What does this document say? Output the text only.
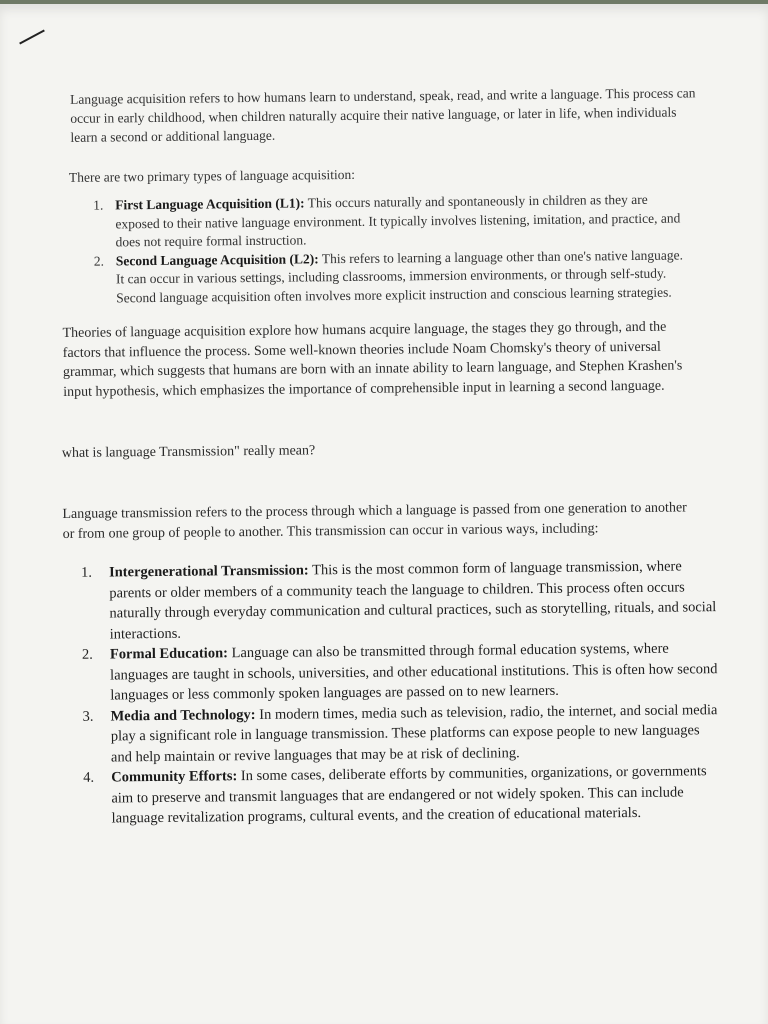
Language acquisition refers to how humans learn to understand, speak, read, and write a language. This process can occur in early childhood, when children naturally acquire their native language, or later in life, when individuals learn a second or additional language.

There are two primary types of language acquisition:

1. First Language Acquisition (L1): This occurs naturally and spontaneously in children as they are exposed to their native language environment. It typically involves listening, imitation, and practice, and does not require formal instruction.
2. Second Language Acquisition (L2): This refers to learning a language other than one's native language. It can occur in various settings, including classrooms, immersion environments, or through self-study. Second language acquisition often involves more explicit instruction and conscious learning strategies.

Theories of language acquisition explore how humans acquire language, the stages they go through, and the factors that influence the process. Some well-known theories include Noam Chomsky's theory of universal grammar, which suggests that humans are born with an innate ability to learn language, and Stephen Krashen's input hypothesis, which emphasizes the importance of comprehensible input in learning a second language.

what is language Transmission" really mean?

Language transmission refers to the process through which a language is passed from one generation to another or from one group of people to another. This transmission can occur in various ways, including:

1.	Intergenerational Transmission: This is the most common form of language transmission, where parents or older members of a community teach the language to children. This process often occurs naturally through everyday communication and cultural practices, such as storytelling, rituals, and social interactions.
2.	Formal Education: Language can also be transmitted through formal education systems, where languages are taught in schools, universities, and other educational institutions. This is often how second languages or less commonly spoken languages are passed on to new learners.
3.	Media and Technology: In modern times, media such as television, radio, the internet, and social media play a significant role in language transmission. These platforms can expose people to new languages and help maintain or revive languages that may be at risk of declining.
4.	Community Efforts: In some cases, deliberate efforts by communities, organizations, or governments aim to preserve and transmit languages that are endangered or not widely spoken. This can include language revitalization programs, cultural events, and the creation of educational materials.
